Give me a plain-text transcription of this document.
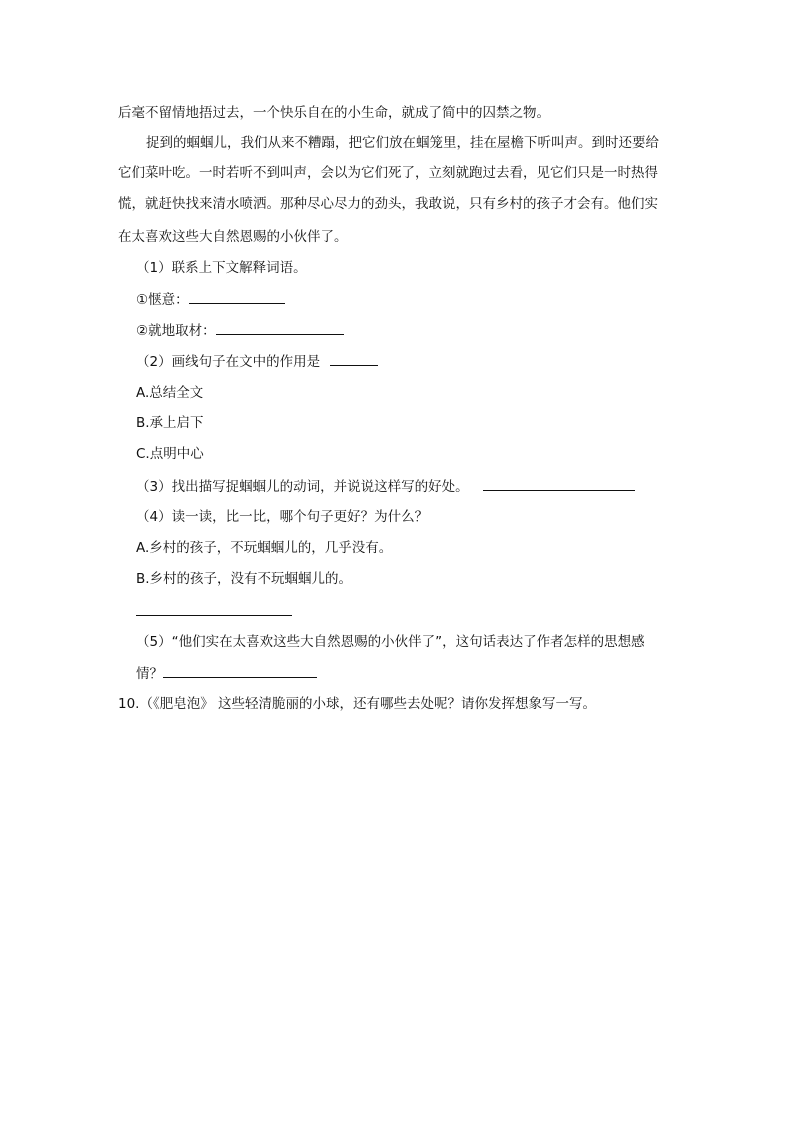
后毫不留情地捂过去，一个快乐自在的小生命，就成了简中的囚禁之物。
捉到的蝈蝈儿，我们从来不糟蹋，把它们放在蝈笼里，挂在屋檐下听叫声。到时还要给
它们菜叶吃。一时若听不到叫声，会以为它们死了，立刻就跑过去看，见它们只是一时热得
慌，就赶快找来清水喷洒。那种尽心尽力的劲头，我敢说，只有乡村的孩子才会有。他们实
在太喜欢这些大自然恩赐的小伙伴了。
（1）联系上下文解释词语。
①惬意：
②就地取材：
（2）画线句子在文中的作用是
A.总结全文
B.承上启下
C.点明中心
（3）找出描写捉蝈蝈儿的动词，并说说这样写的好处。
（4）读一读，比一比，哪个句子更好？为什么？
A.乡村的孩子，不玩蝈蝈儿的，几乎没有。
B.乡村的孩子，没有不玩蝈蝈儿的。
（5）“他们实在太喜欢这些大自然恩赐的小伙伴了”，这句话表达了作者怎样的思想感
情？
10.（《肥皂泡》 这些轻清脆丽的小球，还有哪些去处呢？请你发挥想象写一写。
